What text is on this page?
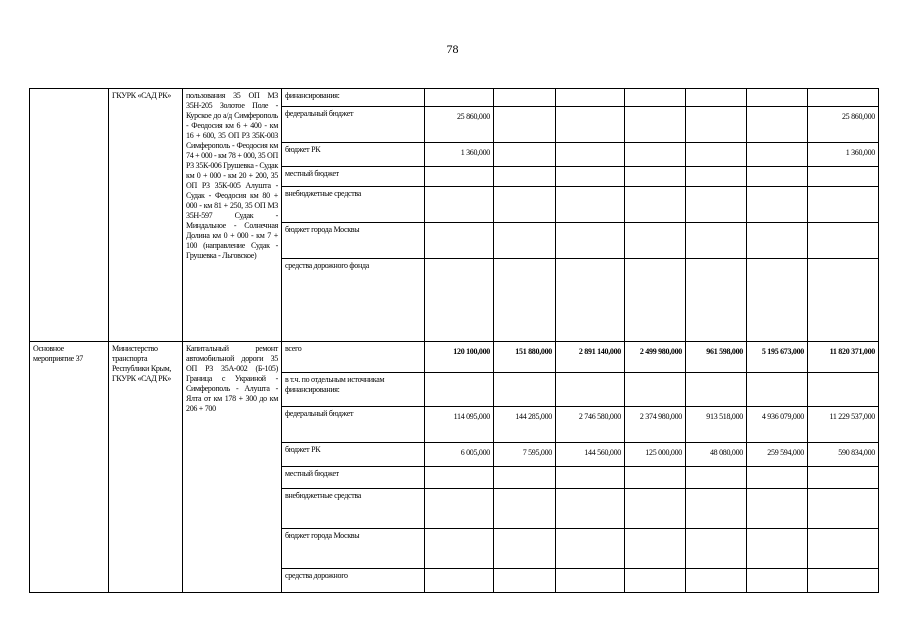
78
	ГКУРК «САД РК»	пользования 35 ОП М3 35Н-205 Золотое Поле - Курское до а/д Симферополь - Феодосия км 6 + 400 - км 16 + 600, 35 ОП Р3 35К-003 Симферополь - Феодосия км 74 + 000 - км 78 + 000, 35 ОП Р3 35К-006 Грушевка - Судак км 0 + 000 - км 20 + 200, 35 ОП Р3 35К-005 Алушта - Судак - Феодосия км 80 + 000 - км 81 + 250, 35 ОП М3 35Н-597 Судак - Миндальное - Солнечная Долина км 0 + 000 - км 7 + 100 (направление Судак - Грушевка - Льговское)	финансирования:							
			федеральный бюджет	25 860,000						25 860,000
			бюджет РК	1 360,000						1 360,000
			местный бюджет							
			внебюджетные средства							
			бюджет города Москвы							
			средства дорожного фонда							
Основное мероприятие 37	Министерство транспорта Республики Крым, ГКУРК «САД РК»	Капитальный ремонт автомобильной дороги 35 ОП Р3 35А-002 (Б-105) Граница с Украиной - Симферополь - Алушта - Ялта от км 178 + 300 до км 206 + 700	всего	120 100,000	151 880,000	2 891 140,000	2 499 980,000	961 598,000	5 195 673,000	11 820 371,000
			в т.ч. по отдельным источникам финансирования:							
			федеральный бюджет	114 095,000	144 285,000	2 746 580,000	2 374 980,000	913 518,000	4 936 079,000	11 229 537,000
			бюджет РК	6 005,000	7 595,000	144 560,000	125 000,000	48 080,000	259 594,000	590 834,000
			местный бюджет							
			внебюджетные средства							
			бюджет города Москвы							
			средства дорожного							
